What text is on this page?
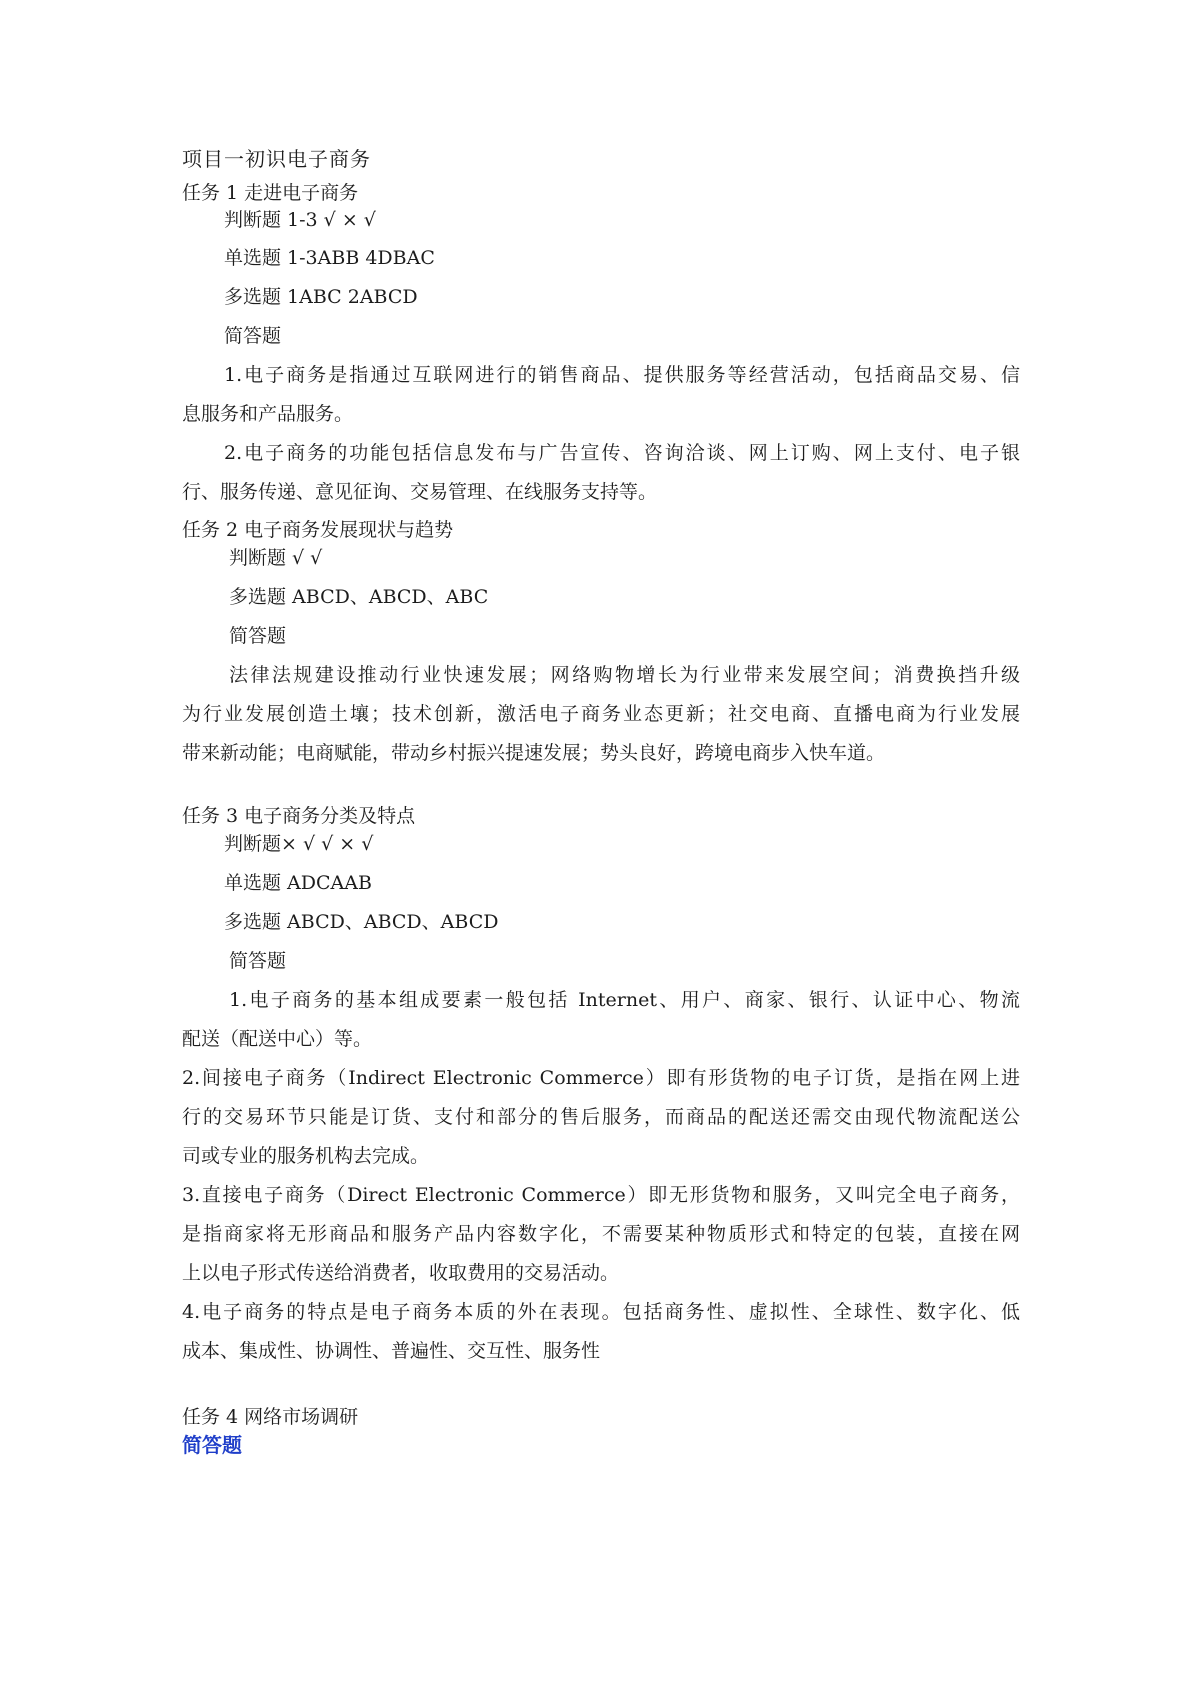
项目一初识电子商务
任务 1 走进电子商务
判断题 1-3 √ × √
单选题 1-3ABB 4DBAC
多选题 1ABC 2ABCD
简答题
1.电子商务是指通过互联网进行的销售商品、提供服务等经营活动，包括商品交易、信
息服务和产品服务。
2.电子商务的功能包括信息发布与广告宣传、咨询洽谈、网上订购、网上支付、电子银
行、服务传递、意见征询、交易管理、在线服务支持等。
任务 2 电子商务发展现状与趋势
判断题 √ √
多选题 ABCD、ABCD、ABC
简答题
法律法规建设推动行业快速发展；网络购物增长为行业带来发展空间；消费换挡升级
为行业发展创造土壤；技术创新，激活电子商务业态更新；社交电商、直播电商为行业发展
带来新动能；电商赋能，带动乡村振兴提速发展；势头良好，跨境电商步入快车道。
任务 3 电子商务分类及特点
判断题× √ √ × √
单选题 ADCAAB
多选题 ABCD、ABCD、ABCD
简答题
1.电子商务的基本组成要素一般包括 Internet、用户、商家、银行、认证中心、物流
配送（配送中心）等。
2.间接电子商务（Indirect Electronic Commerce）即有形货物的电子订货，是指在网上进
行的交易环节只能是订货、支付和部分的售后服务，而商品的配送还需交由现代物流配送公
司或专业的服务机构去完成。
3.直接电子商务（Direct Electronic Commerce）即无形货物和服务，又叫完全电子商务，
是指商家将无形商品和服务产品内容数字化，不需要某种物质形式和特定的包装，直接在网
上以电子形式传送给消费者，收取费用的交易活动。
4.电子商务的特点是电子商务本质的外在表现。包括商务性、虚拟性、全球性、数字化、低
成本、集成性、协调性、普遍性、交互性、服务性
任务 4 网络市场调研
简答题
